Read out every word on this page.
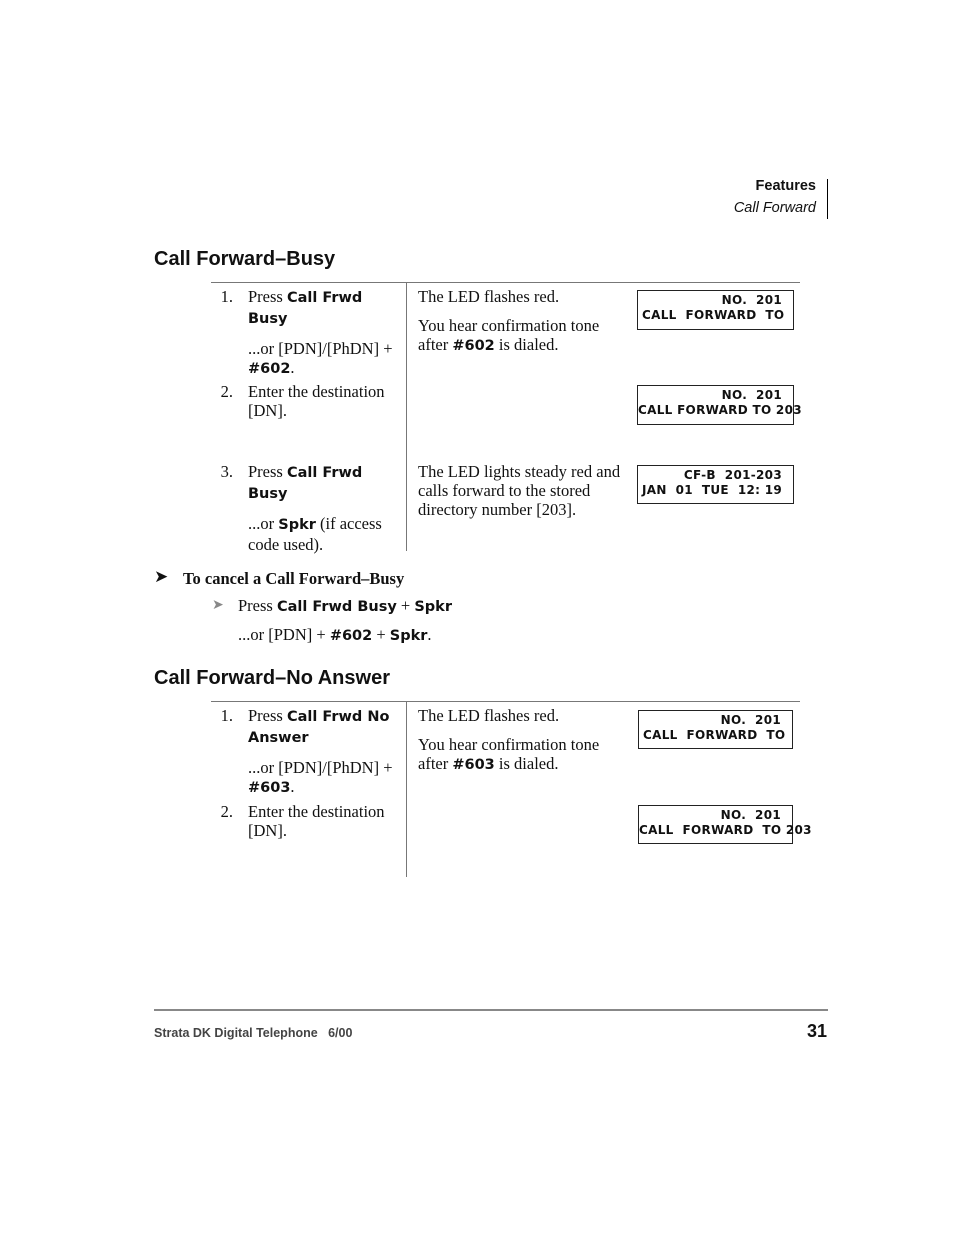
Features
Call Forward
Call Forward–Busy
1. Press Call Frwd Busy

...or [PDN]/[PhDN] + #602.

The LED flashes red.

You hear confirmation tone after #602 is dialed.

NO.  201
CALL  FORWARD  TO
2. Enter the destination [DN].
NO.  201
CALL FORWARD TO 203
3. Press Call Frwd Busy

...or Spkr (if access code used).

The LED lights steady red and calls forward to the stored directory number [203].
CF-B  201-203
JAN  01  TUE  12: 19
➤ To cancel a Call Forward–Busy
➤ Press Call Frwd Busy + Spkr
...or [PDN] + #602 + Spkr.
Call Forward–No Answer
1. Press Call Frwd No Answer

...or [PDN]/[PhDN] + #603.

The LED flashes red.

You hear confirmation tone after #603 is dialed.

NO.  201
CALL  FORWARD  TO
2. Enter the destination [DN].
NO.  201
CALL  FORWARD  TO 203
Strata DK Digital Telephone   6/00	31
